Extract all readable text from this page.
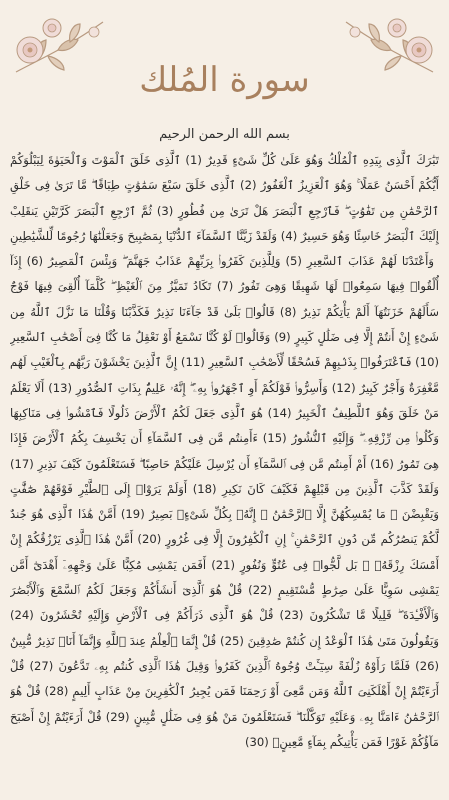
سورة المُلك
بسم الله الرحمن الرحيم
تَبَٰرَكَ ٱلَّذِى بِيَدِهِ ٱلْمُلْكُ وَهُوَ عَلَىٰ كُلِّ شَىْءٍ قَدِيرٌ (1) ٱلَّذِى خَلَقَ ٱلْمَوْتَ وَٱلْحَيَوٰةَ لِيَبْلُوَكُمْ أَيُّكُمْ أَحْسَنُ عَمَلًا ۚ وَهُوَ ٱلْعَزِيزُ ٱلْغَفُورُ (2) ٱلَّذِى خَلَقَ سَبْعَ سَمَٰوَٰتٍ طِبَاقًا ۖ مَّا تَرَىٰ فِى خَلْقِ ٱلرَّحْمَٰنِ مِن تَفَٰوُتٍ ۖ فَٱرْجِعِ ٱلْبَصَرَ هَلْ تَرَىٰ مِن فُطُورٍ (3) ثُمَّ ٱرْجِعِ ٱلْبَصَرَ كَرَّتَيْنِ يَنقَلِبْ إِلَيْكَ ٱلْبَصَرُ خَاسِئًا وَهُوَ حَسِيرٌ (4) وَلَقَدْ زَيَّنَّا ٱلسَّمَآءَ ٱلدُّنْيَا بِمَصَٰبِيحَ وَجَعَلْنَٰهَا رُجُومًا لِّلشَّيَٰطِينِ ۖ وَأَعْتَدْنَا لَهُمْ عَذَابَ ٱلسَّعِيرِ (5) وَلِلَّذِينَ كَفَرُوا۟ بِرَبِّهِمْ عَذَابُ جَهَنَّمَ ۖ وَبِئْسَ ٱلْمَصِيرُ (6) إِذَآ أُلْقُوا۟ فِيهَا سَمِعُوا۟ لَهَا شَهِيقًا وَهِىَ تَفُورُ (7) تَكَادُ تَمَيَّزُ مِنَ ٱلْغَيْظِ ۖ كُلَّمَآ أُلْقِىَ فِيهَا فَوْجٌ سَأَلَهُمْ خَزَنَتُهَآ أَلَمْ يَأْتِكُمْ نَذِيرٌ (8) قَالُوا۟ بَلَىٰ قَدْ جَآءَنَا نَذِيرٌ فَكَذَّبْنَا وَقُلْنَا مَا نَزَّلَ ٱللَّهُ مِن شَىْءٍ إِنْ أَنتُمْ إِلَّا فِى ضَلَٰلٍ كَبِيرٍ (9) وَقَالُوا۟ لَوْ كُنَّا نَسْمَعُ أَوْ نَعْقِلُ مَا كُنَّا فِىٓ أَصْحَٰبِ ٱلسَّعِيرِ (10) فَٱعْتَرَفُوا۟ بِذَنۢبِهِمْ فَسُحْقًا لِّأَصْحَٰبِ ٱلسَّعِيرِ (11) إِنَّ ٱلَّذِينَ يَخْشَوْنَ رَبَّهُم بِٱلْغَيْبِ لَهُم مَّغْفِرَةٌ وَأَجْرٌ كَبِيرٌ (12) وَأَسِرُّوا۟ قَوْلَكُمْ أَوِ ٱجْهَرُوا۟ بِهِۦٓ ۖ إِنَّهُۥ عَلِيمٌۢ بِذَاتِ ٱلصُّدُورِ (13) أَلَا يَعْلَمُ مَنْ خَلَقَ وَهُوَ ٱللَّطِيفُ ٱلْخَبِيرُ (14) هُوَ ٱلَّذِى جَعَلَ لَكُمُ ٱلْأَرْضَ ذَلُولًا فَٱمْشُوا۟ فِى مَنَاكِبِهَا وَكُلُوا۟ مِن رِّزْقِهِۦ ۖ وَإِلَيْهِ ٱلنُّشُورُ (15) ءَأَمِنتُم مَّن فِى ٱلسَّمَآءِ أَن يَخْسِفَ بِكُمُ ٱلْأَرْضَ فَإِذَا هِىَ تَمُورُ (16) أَمْ أَمِنتُم مَّن فِى ٱلسَّمَآءِ أَن يُرْسِلَ عَلَيْكُمْ حَاصِبًا ۖ فَسَتَعْلَمُونَ كَيْفَ نَذِيرِ (17) وَلَقَدْ كَذَّبَ ٱلَّذِينَ مِن قَبْلِهِمْ فَكَيْفَ كَانَ نَكِيرِ (18) أَوَلَمْ يَرَوْا۟ إِلَى ٱلطَّيْرِ فَوْقَهُمْ صَٰٓفَّٰتٍ وَيَقْبِضْنَ ۚ مَا يُمْسِكُهُنَّ إِلَّا ٱلرَّحْمَٰنُ ۚ إِنَّهُۥ بِكُلِّ شَىْءٍۭ بَصِيرٌ (19) أَمَّنْ هَٰذَا ٱلَّذِى هُوَ جُندٌ لَّكُمْ يَنصُرُكُم مِّن دُونِ ٱلرَّحْمَٰنِ ۚ إِنِ ٱلْكَٰفِرُونَ إِلَّا فِى غُرُورٍ (20) أَمَّنْ هَٰذَا ٱلَّذِى يَرْزُقُكُمْ إِنْ أَمْسَكَ رِزْقَهُۥ ۚ بَل لَّجُّوا۟ فِى عُتُوٍّ وَنُفُورٍ (21) أَفَمَن يَمْشِى مُكِبًّا عَلَىٰ وَجْهِهِۦٓ أَهْدَىٰٓ أَمَّن يَمْشِى سَوِيًّا عَلَىٰ صِرَٰطٍ مُّسْتَقِيمٍ (22) قُلْ هُوَ ٱلَّذِىٓ أَنشَأَكُمْ وَجَعَلَ لَكُمُ ٱلسَّمْعَ وَٱلْأَبْصَٰرَ وَٱلْأَفْـِٔدَةَ ۖ قَلِيلًا مَّا تَشْكُرُونَ (23) قُلْ هُوَ ٱلَّذِى ذَرَأَكُمْ فِى ٱلْأَرْضِ وَإِلَيْهِ تُحْشَرُونَ (24) وَيَقُولُونَ مَتَىٰ هَٰذَا ٱلْوَعْدُ إِن كُنتُمْ صَٰدِقِينَ (25) قُلْ إِنَّمَا ٱلْعِلْمُ عِندَ ٱللَّهِ وَإِنَّمَآ أَنَا۠ نَذِيرٌ مُّبِينٌ (26) فَلَمَّا رَأَوْهُ زُلْفَةً سِيٓـَٔتْ وُجُوهُ ٱلَّذِينَ كَفَرُوا۟ وَقِيلَ هَٰذَا ٱلَّذِى كُنتُم بِهِۦ تَدَّعُونَ (27) قُلْ أَرَءَيْتُمْ إِنْ أَهْلَكَنِىَ ٱللَّهُ وَمَن مَّعِىَ أَوْ رَحِمَنَا فَمَن يُجِيرُ ٱلْكَٰفِرِينَ مِنْ عَذَابٍ أَلِيمٍ (28) قُلْ هُوَ ٱلرَّحْمَٰنُ ءَامَنَّا بِهِۦ وَعَلَيْهِ تَوَكَّلْنَا ۖ فَسَتَعْلَمُونَ مَنْ هُوَ فِى ضَلَٰلٍ مُّبِينٍ (29) قُلْ أَرَءَيْتُمْ إِنْ أَصْبَحَ مَآؤُكُمْ غَوْرًا فَمَن يَأْتِيكُم بِمَآءٍ مَّعِينٍۭ (30)
